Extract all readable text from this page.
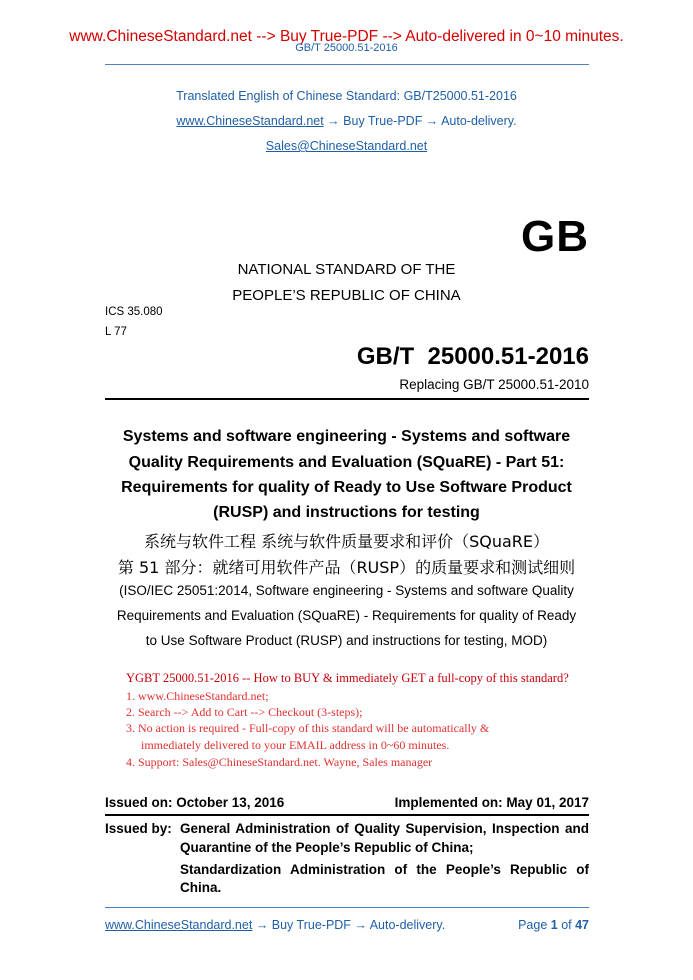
www.ChineseStandard.net --> Buy True-PDF --> Auto-delivered in 0~10 minutes.
GB/T 25000.51-2016
Translated English of Chinese Standard: GB/T25000.51-2016
www.ChineseStandard.net → Buy True-PDF → Auto-delivery.
Sales@ChineseStandard.net
GB
NATIONAL STANDARD OF THE
PEOPLE’S REPUBLIC OF CHINA
ICS 35.080
L 77
GB/T  25000.51-2016
Replacing GB/T 25000.51-2010
Systems and software engineering - Systems and software
Quality Requirements and Evaluation (SQuaRE) - Part 51:
Requirements for quality of Ready to Use Software Product
(RUSP) and instructions for testing
系统与软件工程 系统与软件质量要求和评价（SQuaRE）
第 51 部分：就绪可用软件产品（RUSP）的质量要求和测试细则
(ISO/IEC 25051:2014, Software engineering - Systems and software Quality
Requirements and Evaluation (SQuaRE) - Requirements for quality of Ready
to Use Software Product (RUSP) and instructions for testing, MOD)
YGBT 25000.51-2016 -- How to BUY & immediately GET a full-copy of this standard?
1. www.ChineseStandard.net;
2. Search --> Add to Cart --> Checkout (3-steps);
3. No action is required - Full-copy of this standard will be automatically &
immediately delivered to your EMAIL address in 0~60 minutes.
4. Support: Sales@ChineseStandard.net. Wayne, Sales manager
Issued on: October 13, 2016	Implemented on: May 01, 2017
Issued by: General Administration of Quality Supervision, Inspection and
Quarantine of the People’s Republic of China;
Standardization Administration of the People’s Republic of
China.
www.ChineseStandard.net → Buy True-PDF → Auto-delivery.	Page 1 of 47
